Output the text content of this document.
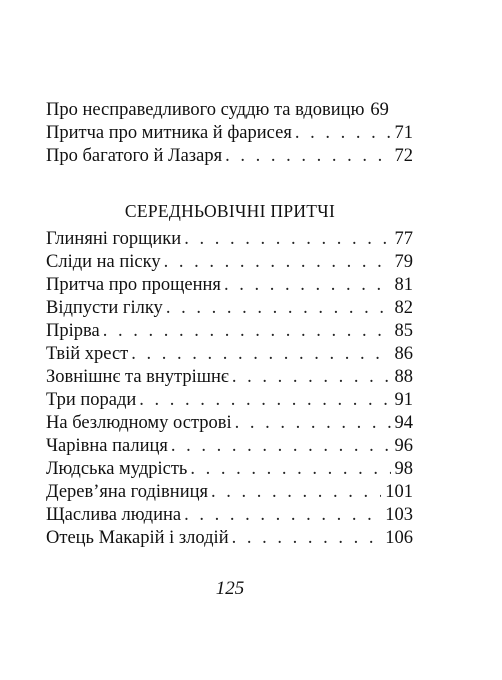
Про несправедливого суддю та вдовицю 69
Притча про митника й фарисея . . .	71
Про багатого й Лазаря . . .	72
СЕРЕДНЬОВІЧНІ ПРИТЧІ
Глиняні горщики . . .	77
Сліди на піску . . .	79
Притча про прощення . . .	81
Відпусти гілку . . .	82
Прірва . . .	85
Твій хрест . . .	86
Зовнішнє та внутрішнє . . .	88
Три поради . . .	91
На безлюдному острові . . .	94
Чарівна палиця . . .	96
Людська мудрість . . .	98
Дерев’яна годівниця . . .	101
Щаслива людина . . .	103
Отець Макарій і злодій . . .	106

125
